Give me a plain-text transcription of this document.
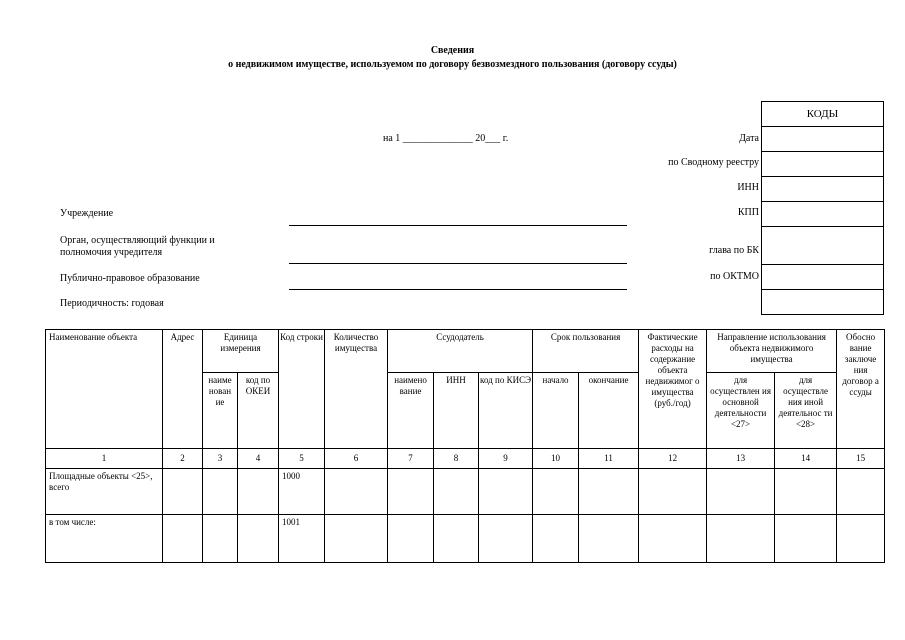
Сведения
о недвижимом имуществе, используемом по договору безвозмездного пользования (договору ссуды)
КОДЫ

на 1 ______________ 20___ г.	Дата
по Сводному реестру
ИНН
КПП
глава по БК
по ОКТМО
Учреждение
Орган, осуществляющий функции и
полномочия учредителя
Публично-правовое образование
Периодичность: годовая
Наименование объекта	Адрес	Единица измерения		Код строки	Количество имущества	Ссудодатель			Срок пользования		Фактические расходы на содержание объекта недвижимог о имущества (руб./год)	Направление использования объекта недвижимого имущества		Обосно вание заключе ния договор а ссуды
		наиме нован ие	код по ОКЕИ			наимено вание	ИНН	код по КИСЭ	начало	окончание		для осуществлен ия основной деятельности <27>	для осуществле ния иной деятельнос ти <28>	
1	2	3	4	5	6	7	8	9	10	11	12	13	14	15
Площадные объекты <25>, всего				1000										
в том числе:				1001										
